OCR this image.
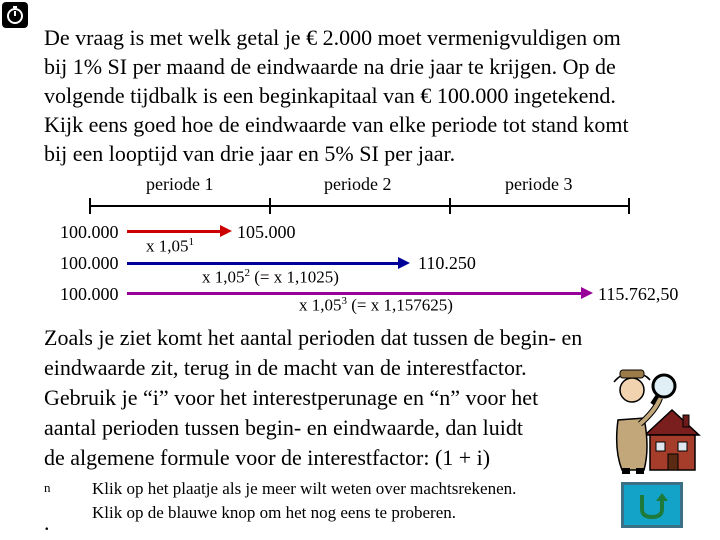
De vraag is met welk getal je € 2.000 moet vermenigvuldigen om
bij 1% SI per maand de eindwaarde na drie jaar te krijgen. Op de
volgende tijdbalk is een beginkapitaal van € 100.000 ingetekend.
Kijk eens goed hoe de eindwaarde van elke periode tot stand komt
bij een looptijd van drie jaar en 5% SI per jaar.
periode 1	periode 2	periode 3
100.000
100.000
100.000
x 1,05$^1$ 105.000
x 1,05$^2$ (= x 1,1025)
110.250
x 1,05$^3$ (= x 1,157625)
115.762,50
Zoals je ziet komt het aantal perioden dat tussen de begin- en
eindwaarde zit, terug in de macht van de interestfactor.
Gebruik je “i” voor het interestperunage en “n” voor het
aantal perioden tussen begin- en eindwaarde, dan luidt
de algemene formule voor de interestfactor: (1 + i)
$^n$
.
Klik op het plaatje als je meer wilt weten over machtsrekenen.
Klik op de blauwe knop om het nog eens te proberen.
